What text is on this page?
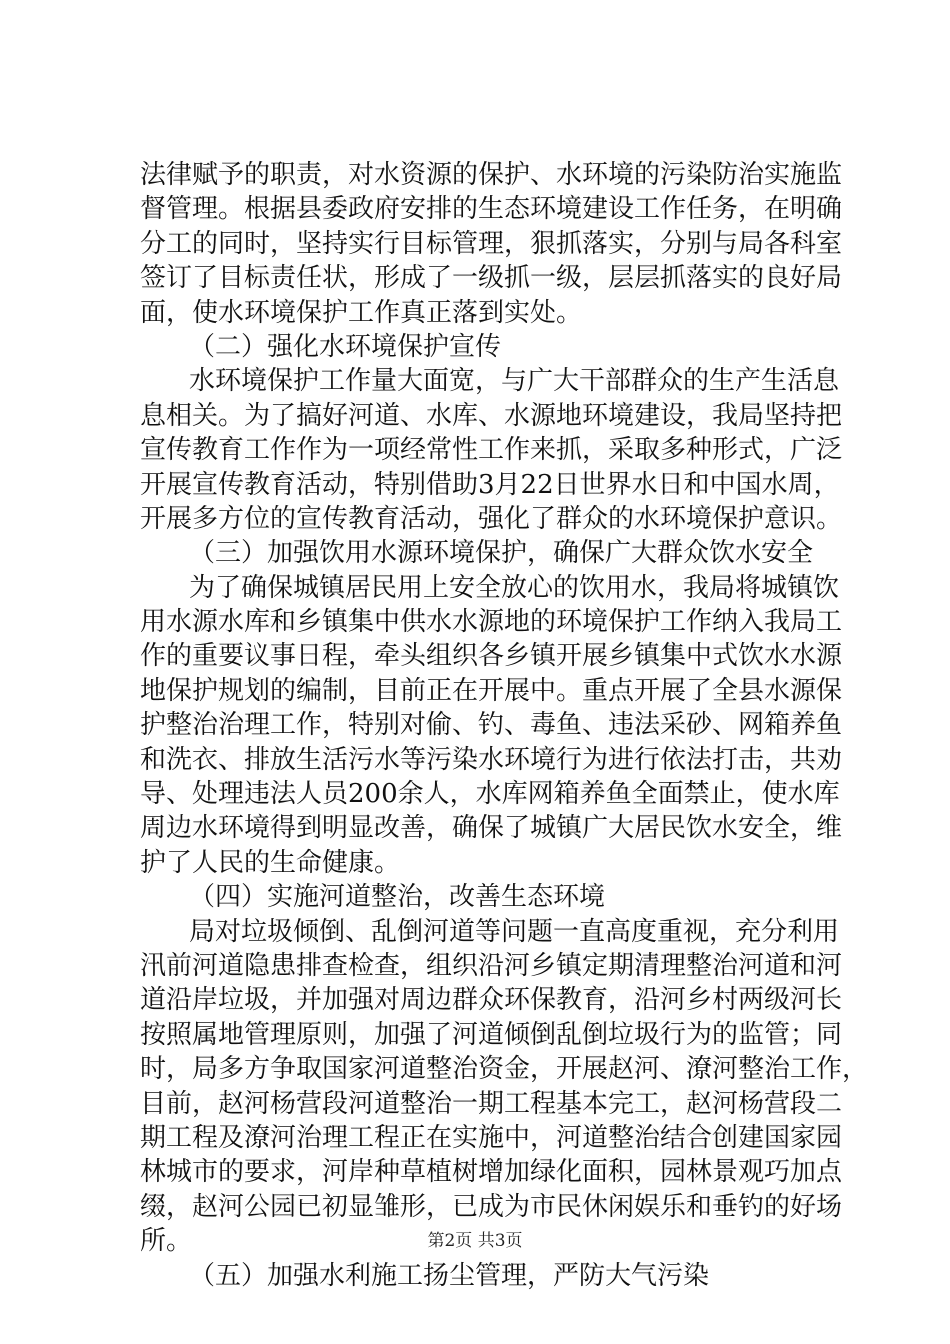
法律赋予的职责，对水资源的保护、水环境的污染防治实施监
督管理。根据县委政府安排的生态环境建设工作任务，在明确
分工的同时，坚持实行目标管理，狠抓落实，分别与局各科室
签订了目标责任状，形成了一级抓一级，层层抓落实的良好局
面，使水环境保护工作真正落到实处。
（二）强化水环境保护宣传
水环境保护工作量大面宽，与广大干部群众的生产生活息
息相关。为了搞好河道、水库、水源地环境建设，我局坚持把
宣传教育工作作为一项经常性工作来抓，采取多种形式，广泛
开展宣传教育活动，特别借助3月22日世界水日和中国水周，
开展多方位的宣传教育活动，强化了群众的水环境保护意识。
（三）加强饮用水源环境保护，确保广大群众饮水安全
为了确保城镇居民用上安全放心的饮用水，我局将城镇饮
用水源水库和乡镇集中供水水源地的环境保护工作纳入我局工
作的重要议事日程，牵头组织各乡镇开展乡镇集中式饮水水源
地保护规划的编制，目前正在开展中。重点开展了全县水源保
护整治治理工作，特别对偷、钓、毒鱼、违法采砂、网箱养鱼
和洗衣、排放生活污水等污染水环境行为进行依法打击，共劝
导、处理违法人员200余人，水库网箱养鱼全面禁止，使水库
周边水环境得到明显改善，确保了城镇广大居民饮水安全，维
护了人民的生命健康。
（四）实施河道整治，改善生态环境
局对垃圾倾倒、乱倒河道等问题一直高度重视，充分利用
汛前河道隐患排查检查，组织沿河乡镇定期清理整治河道和河
道沿岸垃圾，并加强对周边群众环保教育，沿河乡村两级河长
按照属地管理原则，加强了河道倾倒乱倒垃圾行为的监管；同
时，局多方争取国家河道整治资金，开展赵河、潦河整治工作，
目前，赵河杨营段河道整治一期工程基本完工，赵河杨营段二
期工程及潦河治理工程正在实施中，河道整治结合创建国家园
林城市的要求，河岸种草植树增加绿化面积，园林景观巧加点
缀，赵河公园已初显雏形，已成为市民休闲娱乐和垂钓的好场
所。
（五）加强水利施工扬尘管理，严防大气污染
第2页 共3页
